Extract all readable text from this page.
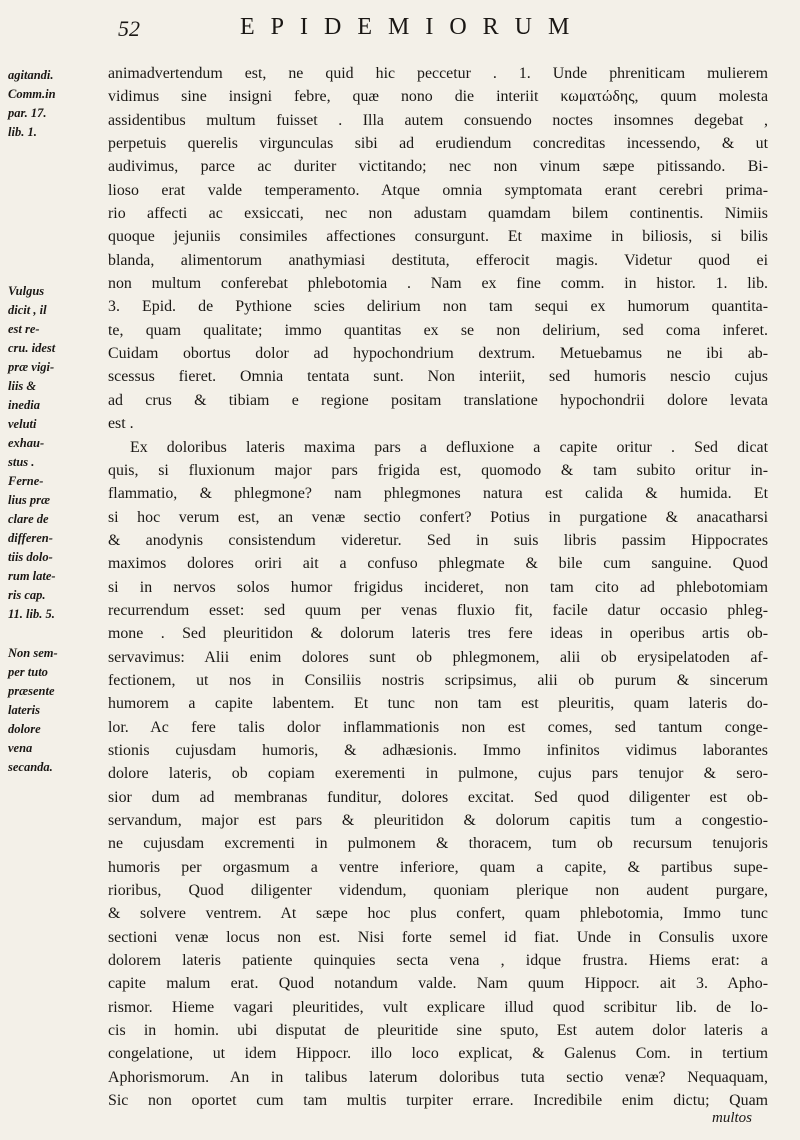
52	EPIDEMIORUM
agitandi.
Comm.in
par. 17.
lib. 1.
Vulgus
dicit , il
est re-
cru. idest
præ vigi-
liis &
inedia
veluti
exhau-
stus .
Ferne-
lius præ
clare de
differen-
tiis dolo-
rum late-
ris cap.
11. lib. 5.
Non sem-
per tuto
præsente
lateris
dolore
vena
secanda.
animadvertendum est, ne quid hic peccetur . 1. Unde phreniticam mulierem
vidimus sine insigni febre, quæ nono die interiit κωματώδης, quum molesta
assidentibus multum fuisset . Illa autem consuendo noctes insomnes degebat ,
perpetuis querelis virgunculas sibi ad erudiendum concreditas incessendo, & ut
audivimus, parce ac duriter victitando; nec non vinum sæpe pitissando. Bi-
lioso erat valde temperamento. Atque omnia symptomata erant cerebri prima-
rio affecti ac exsiccati, nec non adustam quamdam bilem continentis. Nimiis
quoque jejuniis consimiles affectiones consurgunt. Et maxime in biliosis, si bilis
blanda, alimentorum anathymiasi destituta, efferocit magis. Videtur quod ei
non multum conferebat phlebotomia . Nam ex fine comm. in histor. 1. lib.
3. Epid. de Pythione scies delirium non tam sequi ex humorum quantita-
te, quam qualitate; immo quantitas ex se non delirium, sed coma inferet.
Cuidam obortus dolor ad hypochondrium dextrum. Metuebamus ne ibi ab-
scessus fieret. Omnia tentata sunt. Non interiit, sed humoris nescio cujus
ad crus & tibiam e regione positam translatione hypochondrii dolore levata
est .
Ex doloribus lateris maxima pars a defluxione a capite oritur . Sed dicat
quis, si fluxionum major pars frigida est, quomodo & tam subito oritur in-
flammatio, & phlegmone? nam phlegmones natura est calida & humida. Et
si hoc verum est, an venæ sectio confert? Potius in purgatione & anacatharsi
& anodynis consistendum videretur. Sed in suis libris passim Hippocrates
maximos dolores oriri ait a confuso phlegmate & bile cum sanguine. Quod
si in nervos solos humor frigidus incideret, non tam cito ad phlebotomiam
recurrendum esset: sed quum per venas fluxio fit, facile datur occasio phleg-
mone . Sed pleuritidon & dolorum lateris tres fere ideas in operibus artis ob-
servavimus: Alii enim dolores sunt ob phlegmonem, alii ob erysipelatoden af-
fectionem, ut nos in Consiliis nostris scripsimus, alii ob purum & sincerum
humorem a capite labentem. Et tunc non tam est pleuritis, quam lateris do-
lor. Ac fere talis dolor inflammationis non est comes, sed tantum conge-
stionis cujusdam humoris, & adhæsionis. Immo infinitos vidimus laborantes
dolore lateris, ob copiam exerementi in pulmone, cujus pars tenujor & sero-
sior dum ad membranas funditur, dolores excitat. Sed quod diligenter est ob-
servandum, major est pars & pleuritidon & dolorum capitis tum a congestio-
ne cujusdam excrementi in pulmonem & thoracem, tum ob recursum tenujoris
humoris per orgasmum a ventre inferiore, quam a capite, & partibus supe-
rioribus, Quod diligenter videndum, quoniam plerique non audent purgare,
& solvere ventrem. At sæpe hoc plus confert, quam phlebotomia, Immo tunc
sectioni venæ locus non est. Nisi forte semel id fiat. Unde in Consulis uxore
dolorem lateris patiente quinquies secta vena , idque frustra. Hiems erat: a
capite malum erat. Quod notandum valde. Nam quum Hippocr. ait 3. Apho-
rismor. Hieme vagari pleuritides, vult explicare illud quod scribitur lib. de lo-
cis in homin. ubi disputat de pleuritide sine sputo, Est autem dolor lateris a
congelatione, ut idem Hippocr. illo loco explicat, & Galenus Com. in tertium
Aphorismorum. An in talibus laterum doloribus tuta sectio venæ? Nequaquam,
Sic non oportet cum tam multis turpiter errare. Incredibile enim dictu; Quam
multos
